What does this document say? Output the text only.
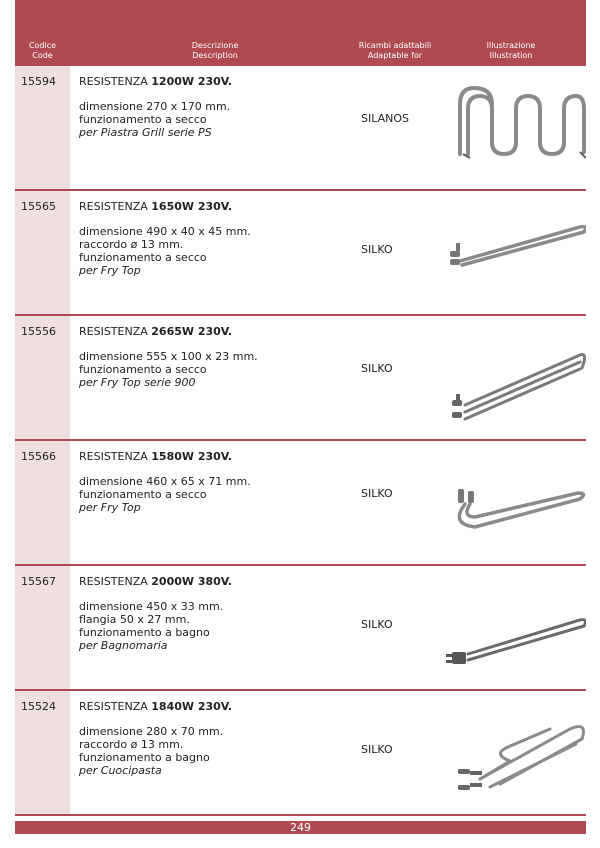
Codice
Code
Descrizione
Description
Ricambi adattabili
Adaptable for
Illustrazione
Illustration
15594 RESISTENZA 1200W 230V.
dimensione 270 x 170 mm.
funzionamento a secco
per Piastra Grill serie PS
SILANOS
15565 RESISTENZA 1650W 230V.
dimensione 490 x 40 x 45 mm.
raccordo ø 13 mm.
funzionamento a secco
per Fry Top
SILKO
15556 RESISTENZA 2665W 230V.
dimensione 555 x 100 x 23 mm.
funzionamento a secco
per Fry Top serie 900
SILKO
15566 RESISTENZA 1580W 230V.
dimensione 460 x 65 x 71 mm.
funzionamento a secco
per Fry Top
SILKO
15567 RESISTENZA 2000W 380V.
dimensione 450 x 33 mm.
flangia 50 x 27 mm.
funzionamento a bagno
per Bagnomaria
SILKO
15524 RESISTENZA 1840W 230V.
dimensione 280 x 70 mm.
raccordo ø 13 mm.
funzionamento a bagno
per Cuocipasta
SILKO
249
